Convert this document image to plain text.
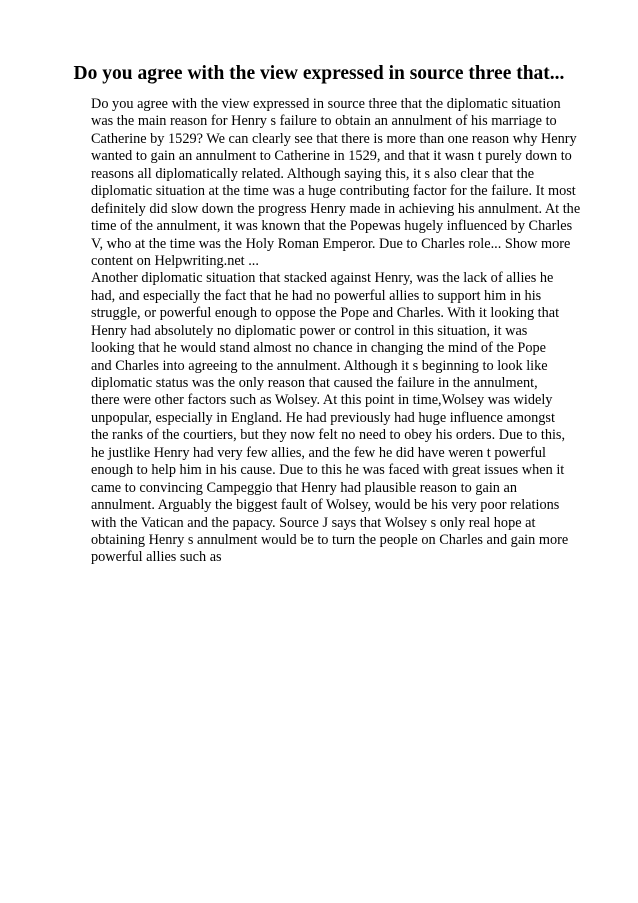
Do you agree with the view expressed in source three that...
Do you agree with the view expressed in source three that the diplomatic situation
was the main reason for Henry s failure to obtain an annulment of his marriage to
Catherine by 1529? We can clearly see that there is more than one reason why Henry
wanted to gain an annulment to Catherine in 1529, and that it wasn t purely down to
reasons all diplomatically related. Although saying this, it s also clear that the
diplomatic situation at the time was a huge contributing factor for the failure. It most
definitely did slow down the progress Henry made in achieving his annulment. At the
time of the annulment, it was known that the Popewas hugely influenced by Charles
V, who at the time was the Holy Roman Emperor. Due to Charles role... Show more
content on Helpwriting.net ...
Another diplomatic situation that stacked against Henry, was the lack of allies he
had, and especially the fact that he had no powerful allies to support him in his
struggle, or powerful enough to oppose the Pope and Charles. With it looking that
Henry had absolutely no diplomatic power or control in this situation, it was
looking that he would stand almost no chance in changing the mind of the Pope
and Charles into agreeing to the annulment. Although it s beginning to look like
diplomatic status was the only reason that caused the failure in the annulment,
there were other factors such as Wolsey. At this point in time,Wolsey was widely
unpopular, especially in England. He had previously had huge influence amongst
the ranks of the courtiers, but they now felt no need to obey his orders. Due to this,
he justlike Henry had very few allies, and the few he did have weren t powerful
enough to help him in his cause. Due to this he was faced with great issues when it
came to convincing Campeggio that Henry had plausible reason to gain an
annulment. Arguably the biggest fault of Wolsey, would be his very poor relations
with the Vatican and the papacy. Source J says that Wolsey s only real hope at
obtaining Henry s annulment would be to turn the people on Charles and gain more
powerful allies such as
